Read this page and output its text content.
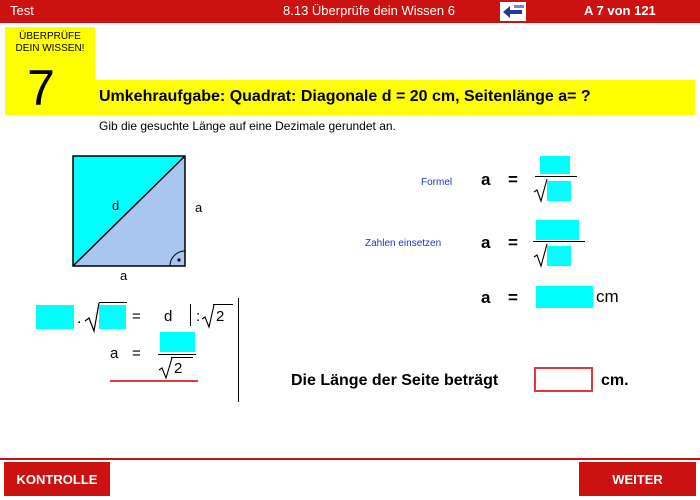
Test	8.13 Überprüfe dein Wissen 6	A 7 von 121
ÜBERPRÜFE
DEIN WISSEN!
7	Umkehraufgabe: Quadrat: Diagonale d = 20 cm, Seitenlänge a= ?
Gib die gesuchte Länge auf eine Dezimale gerundet an.
d	a
a
.	= d : 2
a =
2
Formel a =
Zahlen einsetzen a =
a =	cm
Die Länge der Seite beträgt	cm.
KONTROLLE	WEITER
